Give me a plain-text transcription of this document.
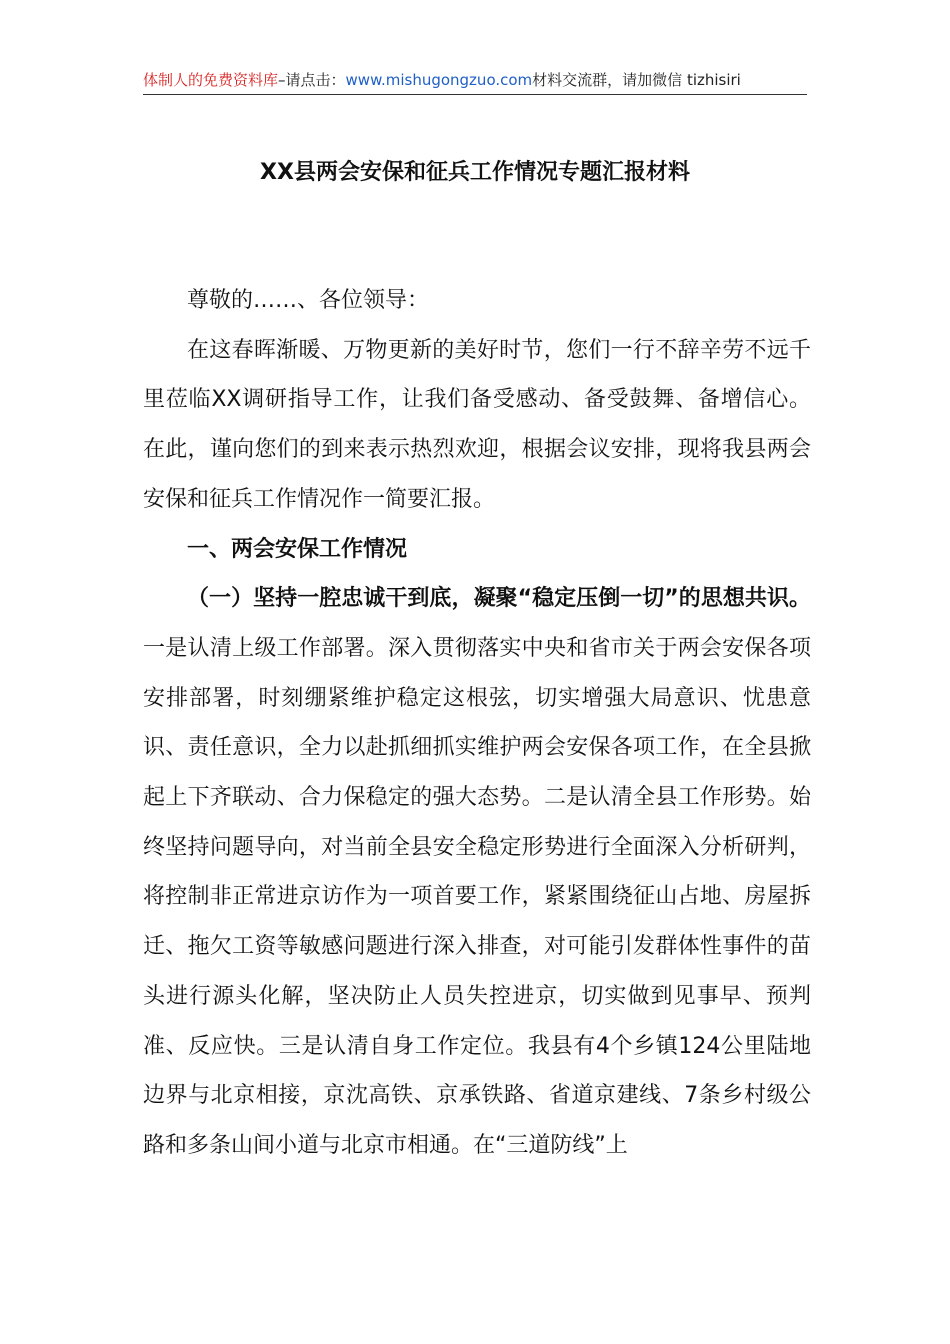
体制人的免费资料库–请点击：www.mishugongzuo.com材料交流群，请加微信 tizhisiri
XX县两会安保和征兵工作情况专题汇报材料

尊敬的……、各位领导：

在这春晖渐暖、万物更新的美好时节，您们一行不辞辛劳不远千里莅临XX调研指导工作，让我们备受感动、备受鼓舞、备增信心。在此，谨向您们的到来表示热烈欢迎，根据会议安排，现将我县两会安保和征兵工作情况作一简要汇报。

一、两会安保工作情况

（一）坚持一腔忠诚干到底，凝聚“稳定压倒一切”的思想共识。一是认清上级工作部署。深入贯彻落实中央和省市关于两会安保各项安排部署，时刻绷紧维护稳定这根弦，切实增强大局意识、忧患意识、责任意识，全力以赴抓细抓实维护两会安保各项工作，在全县掀起上下齐联动、合力保稳定的强大态势。二是认清全县工作形势。始终坚持问题导向，对当前全县安全稳定形势进行全面深入分析研判，将控制非正常进京访作为一项首要工作，紧紧围绕征山占地、房屋拆迁、拖欠工资等敏感问题进行深入排查，对可能引发群体性事件的苗头进行源头化解，坚决防止人员失控进京，切实做到见事早、预判准、反应快。三是认清自身工作定位。我县有4个乡镇124公里陆地边界与北京相接，京沈高铁、京承铁路、省道京建线、7条乡村级公路和多条山间小道与北京市相通。在“三道防线”上
